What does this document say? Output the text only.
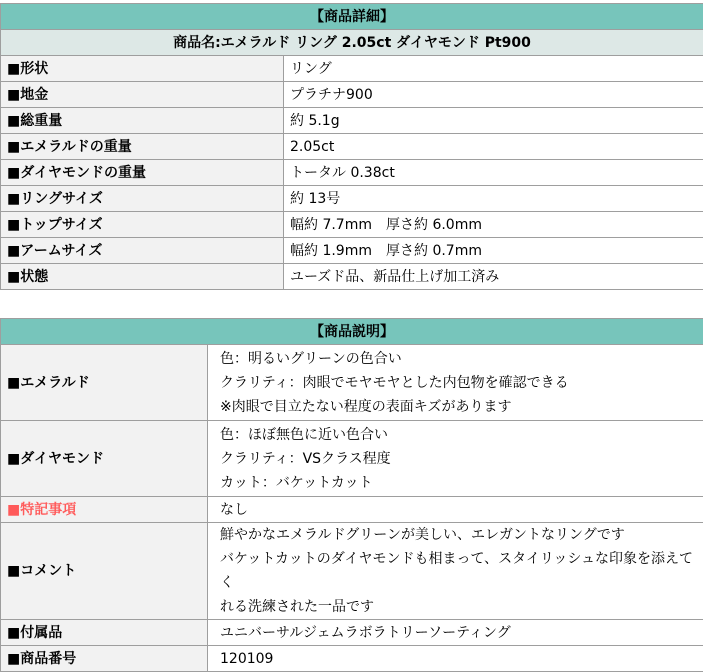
【商品詳細】	
商品名:エメラルド リング 2.05ct ダイヤモンド Pt900	
■形状	リング
■地金	プラチナ900
■総重量	約 5.1g
■エメラルドの重量	2.05ct
■ダイヤモンドの重量	トータル 0.38ct
■リングサイズ	約 13号
■トップサイズ	幅約 7.7mm　厚さ約 6.0mm
■アームサイズ	幅約 1.9mm　厚さ約 0.7mm
■状態	ユーズド品、新品仕上げ加工済み
【商品説明】	
■エメラルド	色：明るいグリーンの色合い
クラリティ：肉眼でモヤモヤとした内包物を確認できる
※肉眼で目立たない程度の表面キズがあります

■ダイヤモンド	色：ほぼ無色に近い色合い
クラリティ：VSクラス程度
カット：バケットカット

■特記事項	なし
■コメント	鮮やかなエメラルドグリーンが美しい、エレガントなリングです
バケットカットのダイヤモンドも相まって、スタイリッシュな印象を添えてく
れる洗練された一品です

■付属品	ユニバーサルジェムラボラトリーソーティング
■商品番号	120109
